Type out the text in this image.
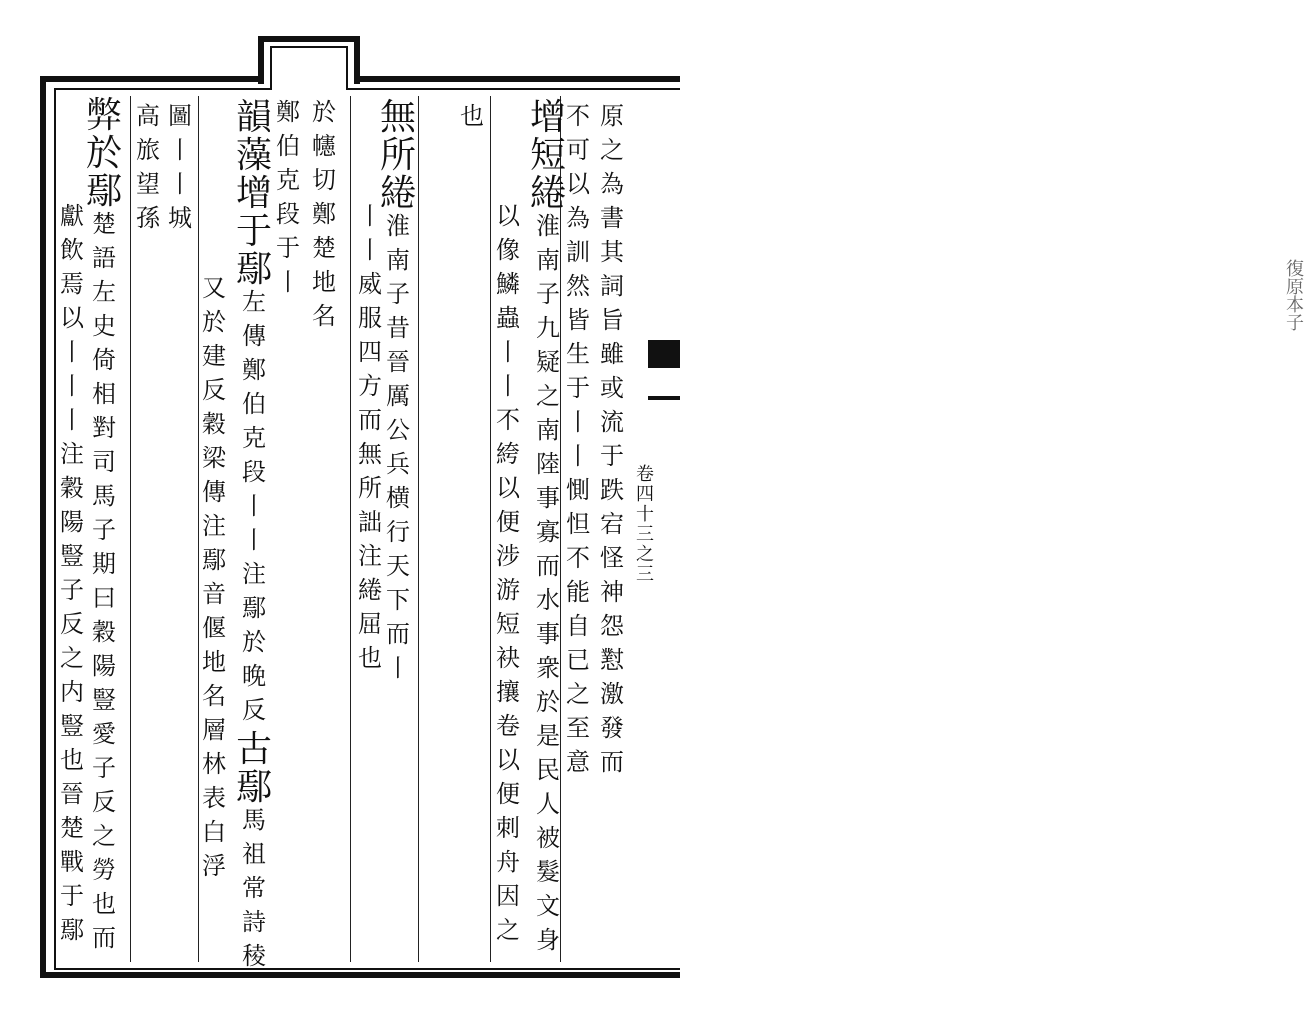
復原本子
卷
四
十
三
之
三
原
之
為
書
其
詞
旨
雖
或
流
于
跌
宕
怪
神
怨
懟
激
發
而
不
可
以
為
訓
然
皆
生
于
丨
丨
惻
怛
不
能
自
已
之
至
意
增
短
綣
淮
南
子
九
疑
之
南
陸
事
寡
而
水
事
衆
於
是
民
人
被
髮
文
身
以
像
鱗
蟲
丨
丨
不
絝
以
便
涉
游
短
袂
攘
卷
以
便
刺
舟
因
之
也
無
所
綣
淮
南
子
昔
晉
厲
公
兵
横
行
天
下
而
丨
丨
丨
威
服
四
方
而
無
所
詘
注
綣
屈
也
鄭
伯
克
段
于
丨
於
幰
切
鄭
楚
地
名
韻
藻
增
于
鄢
左
傳
鄭
伯
克
段
丨
丨
注
鄢
於
晚
反
古
鄢
馬
祖
常
詩
稜
又
於
建
反
穀
梁
傳
注
鄢
音
偃
地
名
層
林
表
白
浮
圖
丨
丨
城
高
旅
望
孫
弊
於
鄢
楚
語
左
史
倚
相
對
司
馬
子
期
曰
穀
陽
豎
愛
子
反
之
勞
也
而
獻
飲
焉
以
丨
丨
丨
注
穀
陽
豎
子
反
之
内
豎
也
晉
楚
戰
于
鄢
